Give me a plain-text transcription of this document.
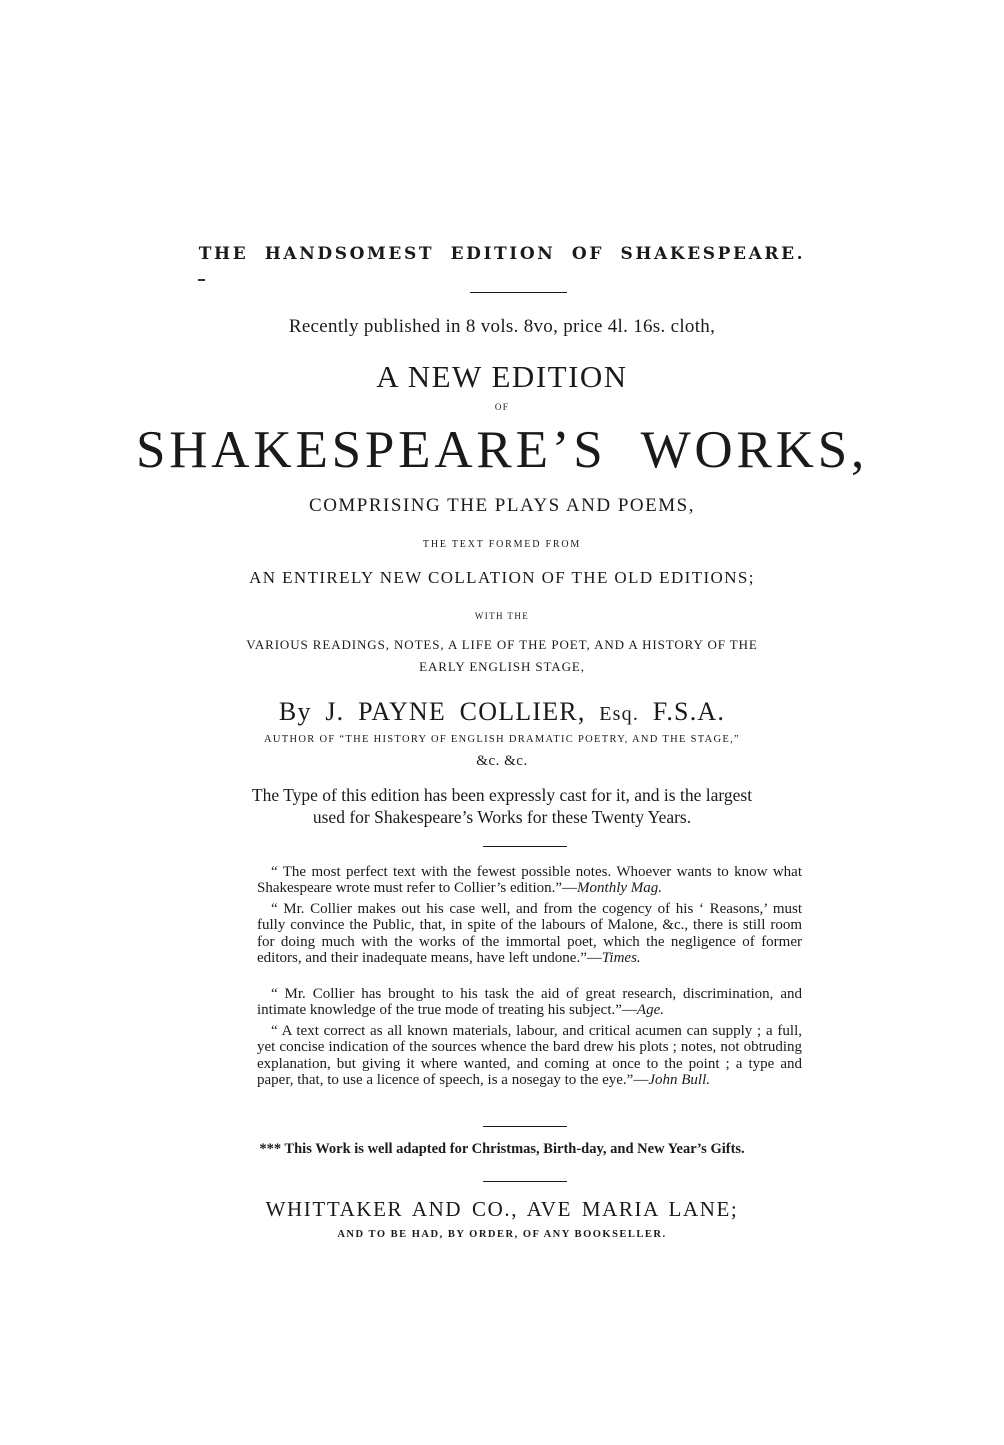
THE HANDSOMEST EDITION OF SHAKESPEARE.
Recently published in 8 vols. 8vo, price 4l. 16s. cloth,
A NEW EDITION
OF
SHAKESPEARE’S WORKS,
COMPRISING THE PLAYS AND POEMS,
THE TEXT FORMED FROM
AN ENTIRELY NEW COLLATION OF THE OLD EDITIONS;
WITH THE
VARIOUS READINGS, NOTES, A LIFE OF THE POET, AND A HISTORY OF THE
EARLY ENGLISH STAGE,
By J. PAYNE COLLIER, Esq. F.S.A.
AUTHOR OF “THE HISTORY OF ENGLISH DRAMATIC POETRY, AND THE STAGE,”
&c. &c.
The Type of this edition has been expressly cast for it, and is the largest
used for Shakespeare’s Works for these Twenty Years.
“ The most perfect text with the fewest possible notes. Whoever wants to know what Shakespeare wrote must refer to Collier’s edition.”—Monthly Mag.
“ Mr. Collier makes out his case well, and from the cogency of his ‘ Reasons,’ must fully convince the Public, that, in spite of the labours of Malone, &c., there is still room for doing much with the works of the immortal poet, which the negligence of former editors, and their inadequate means, have left undone.”—Times.
“ Mr. Collier has brought to his task the aid of great research, discrimination, and intimate knowledge of the true mode of treating his subject.”—Age.
“ A text correct as all known materials, labour, and critical acumen can supply ; a full, yet concise indication of the sources whence the bard drew his plots ; notes, not obtruding explanation, but giving it where wanted, and coming at once to the point ; a type and paper, that, to use a licence of speech, is a nosegay to the eye.”—John Bull.
*** This Work is well adapted for Christmas, Birth-day, and New Year’s Gifts.
WHITTAKER AND CO., AVE MARIA LANE;
AND TO BE HAD, BY ORDER, OF ANY BOOKSELLER.
